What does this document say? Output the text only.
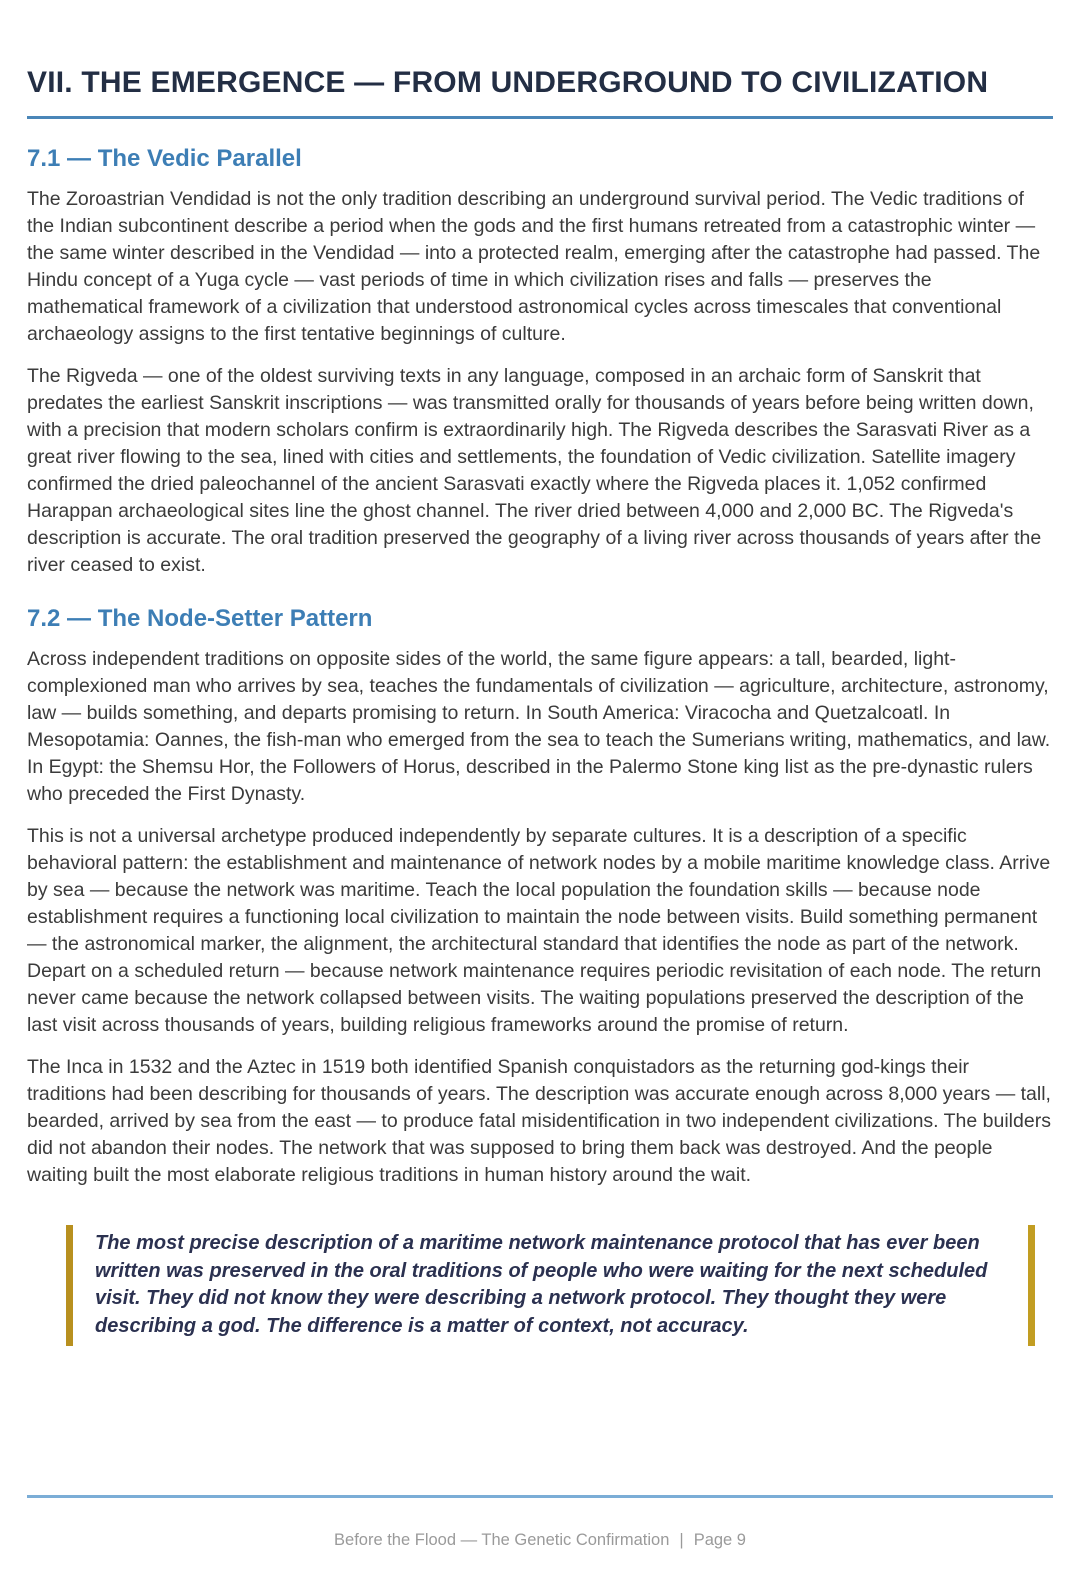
VII. THE EMERGENCE — FROM UNDERGROUND TO CIVILIZATION
7.1 — The Vedic Parallel

The Zoroastrian Vendidad is not the only tradition describing an underground survival period. The Vedic traditions of the Indian subcontinent describe a period when the gods and the first humans retreated from a catastrophic winter — the same winter described in the Vendidad — into a protected realm, emerging after the catastrophe had passed. The Hindu concept of a Yuga cycle — vast periods of time in which civilization rises and falls — preserves the mathematical framework of a civilization that understood astronomical cycles across timescales that conventional archaeology assigns to the first tentative beginnings of culture.

The Rigveda — one of the oldest surviving texts in any language, composed in an archaic form of Sanskrit that predates the earliest Sanskrit inscriptions — was transmitted orally for thousands of years before being written down, with a precision that modern scholars confirm is extraordinarily high. The Rigveda describes the Sarasvati River as a great river flowing to the sea, lined with cities and settlements, the foundation of Vedic civilization. Satellite imagery confirmed the dried paleochannel of the ancient Sarasvati exactly where the Rigveda places it. 1,052 confirmed Harappan archaeological sites line the ghost channel. The river dried between 4,000 and 2,000 BC. The Rigveda's description is accurate. The oral tradition preserved the geography of a living river across thousands of years after the river ceased to exist.

7.2 — The Node-Setter Pattern

Across independent traditions on opposite sides of the world, the same figure appears: a tall, bearded, light-complexioned man who arrives by sea, teaches the fundamentals of civilization — agriculture, architecture, astronomy, law — builds something, and departs promising to return. In South America: Viracocha and Quetzalcoatl. In Mesopotamia: Oannes, the fish-man who emerged from the sea to teach the Sumerians writing, mathematics, and law. In Egypt: the Shemsu Hor, the Followers of Horus, described in the Palermo Stone king list as the pre-dynastic rulers who preceded the First Dynasty.

This is not a universal archetype produced independently by separate cultures. It is a description of a specific behavioral pattern: the establishment and maintenance of network nodes by a mobile maritime knowledge class. Arrive by sea — because the network was maritime. Teach the local population the foundation skills — because node establishment requires a functioning local civilization to maintain the node between visits. Build something permanent — the astronomical marker, the alignment, the architectural standard that identifies the node as part of the network. Depart on a scheduled return — because network maintenance requires periodic revisitation of each node. The return never came because the network collapsed between visits. The waiting populations preserved the description of the last visit across thousands of years, building religious frameworks around the promise of return.

The Inca in 1532 and the Aztec in 1519 both identified Spanish conquistadors as the returning god-kings their traditions had been describing for thousands of years. The description was accurate enough across 8,000 years — tall, bearded, arrived by sea from the east — to produce fatal misidentification in two independent civilizations. The builders did not abandon their nodes. The network that was supposed to bring them back was destroyed. And the people waiting built the most elaborate religious traditions in human history around the wait.

The most precise description of a maritime network maintenance protocol that has ever been written was preserved in the oral traditions of people who were waiting for the next scheduled visit. They did not know they were describing a network protocol. They thought they were describing a god. The difference is a matter of context, not accuracy.
Before the Flood — The Genetic Confirmation | Page 9
